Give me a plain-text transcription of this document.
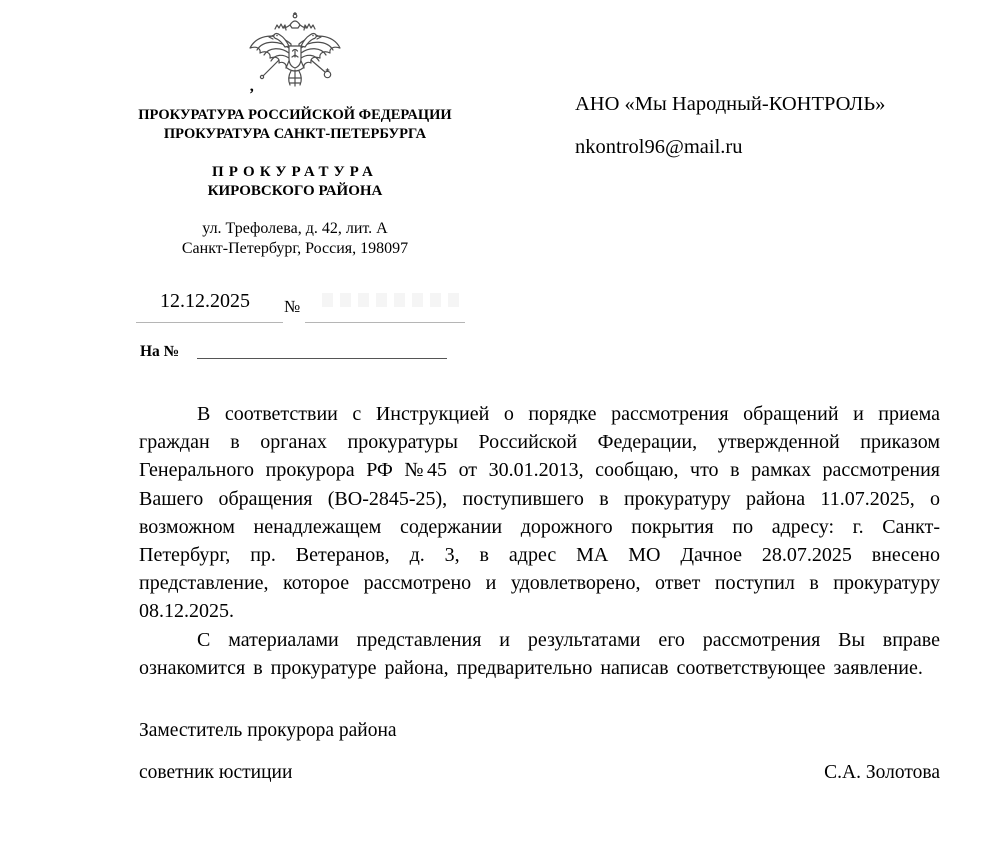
’
ПРОКУРАТУРА РОССИЙСКОЙ ФЕДЕРАЦИИ
ПРОКУРАТУРА САНКТ-ПЕТЕРБУРГА
ПРОКУРАТУРА
КИРОВСКОГО РАЙОНА
ул. Трефолева, д. 42, лит. А
Санкт-Петербург, Россия, 198097
АНО «Мы Народный-КОНТРОЛЬ»
nkontrol96@mail.ru
12.12.2025 №
На №

В соответствии с Инструкцией о порядке рассмотрения обращений и приема граждан в органах прокуратуры Российской Федерации, утвержденной приказом Генерального прокурора РФ №45 от 30.01.2013, сообщаю, что в рамках рассмотрения Вашего обращения (ВО-2845-25), поступившего в прокуратуру района 11.07.2025, о возможном ненадлежащем содержании дорожного покрытия по адресу: г. Санкт-Петербург, пр. Ветеранов, д. 3, в адрес МА МО Дачное 28.07.2025 внесено представление, которое рассмотрено и удовлетворено, ответ поступил в прокуратуру 08.12.2025.

С материалами представления и результатами его рассмотрения Вы вправе ознакомится в прокуратуре района, предварительно написав соответствующее заявление.

Заместитель прокурора района
советник юстиции	С.А. Золотова
